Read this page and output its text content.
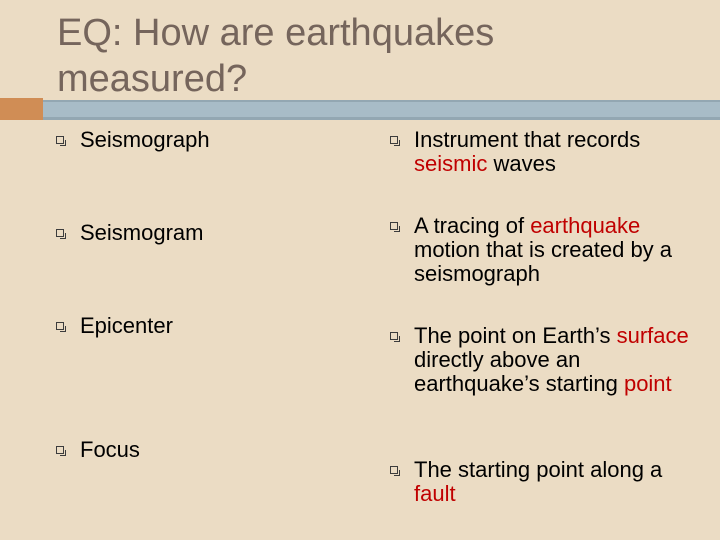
EQ: How are earthquakes
measured?
Seismograph
Seismogram
Epicenter
Focus
Instrument that records seismic waves
A tracing of earthquake motion that is created by a seismograph
The point on Earth’s surface directly above an earthquake’s starting point
The starting point along a fault
